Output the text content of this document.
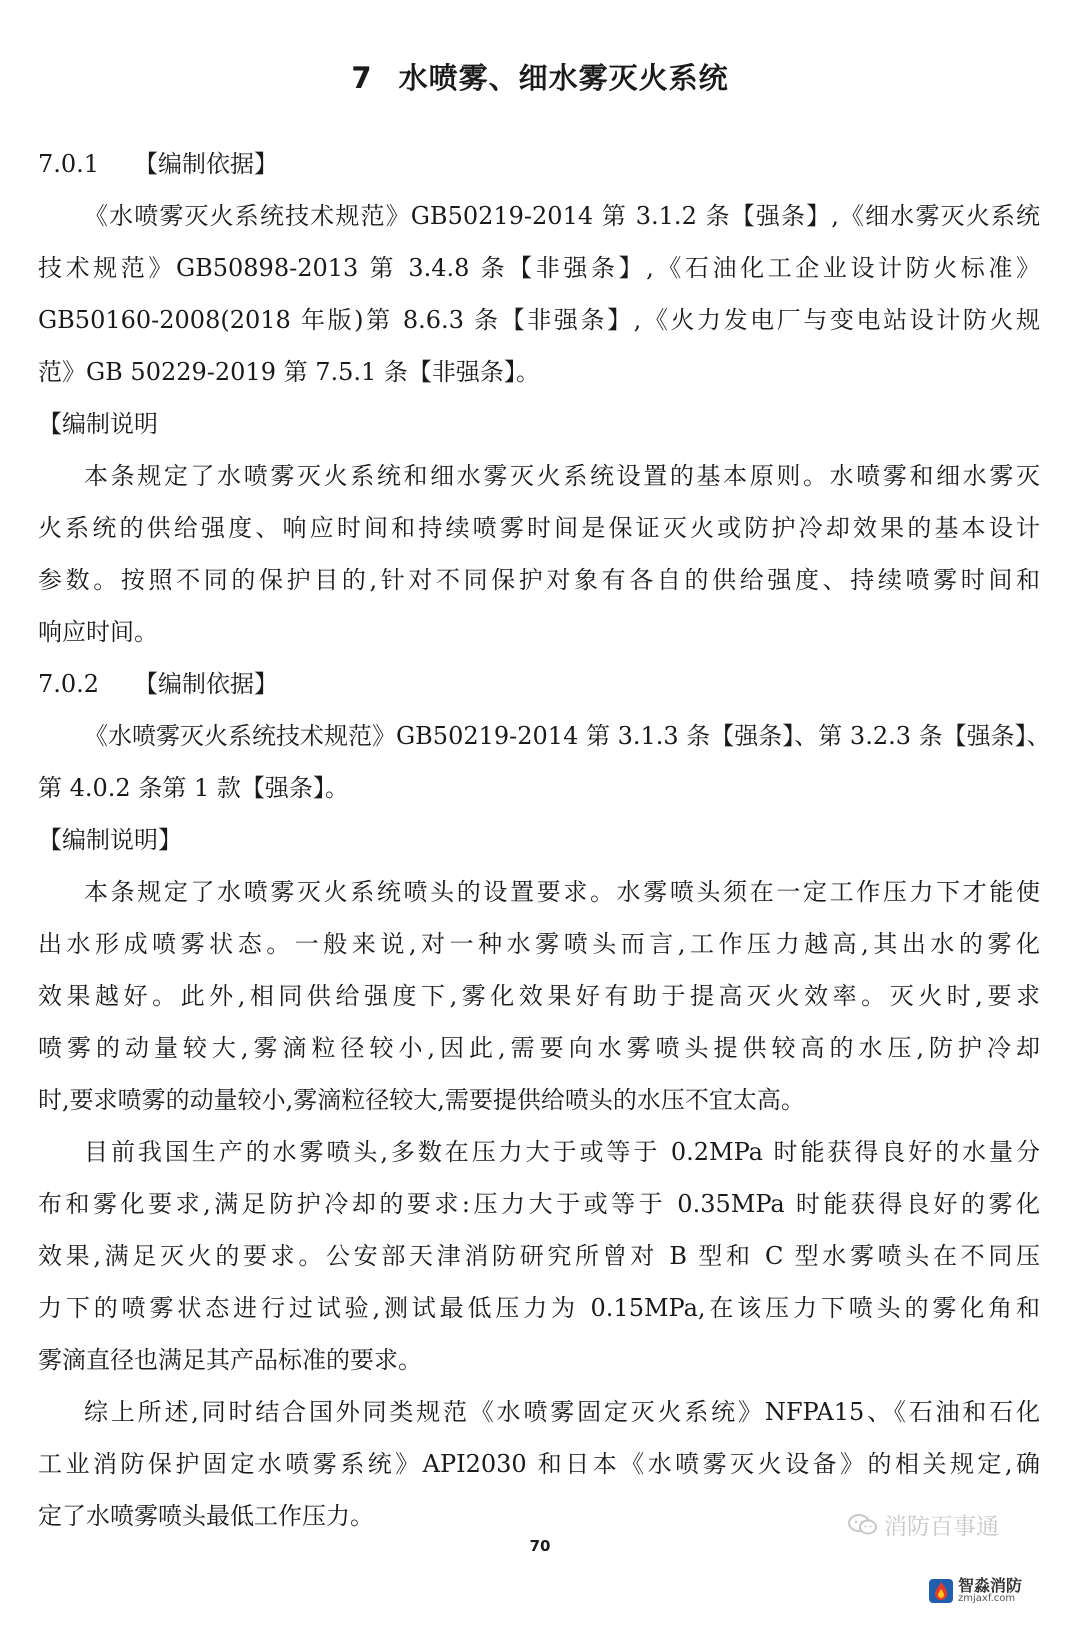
7 水喷雾、细水雾灭火系统
7.0.1 【编制依据】
《水喷雾灭火系统技术规范》GB50219-2014 第 3.1.2 条【强条】,《细水雾灭火系统
技术规范》GB50898-2013 第 3.4.8 条【非强条】,《石油化工企业设计防火标准》
GB50160-2008(2018 年版)第 8.6.3 条【非强条】,《火力发电厂与变电站设计防火规
范》GB 50229-2019 第 7.5.1 条【非强条】。
【编制说明
本条规定了水喷雾灭火系统和细水雾灭火系统设置的基本原则。水喷雾和细水雾灭
火系统的供给强度、响应时间和持续喷雾时间是保证灭火或防护冷却效果的基本设计
参数。按照不同的保护目的,针对不同保护对象有各自的供给强度、持续喷雾时间和
响应时间。
7.0.2 【编制依据】
《水喷雾灭火系统技术规范》GB50219-2014 第 3.1.3 条【强条】、第 3.2.3 条【强条】、
第 4.0.2 条第 1 款【强条】。
【编制说明】
本条规定了水喷雾灭火系统喷头的设置要求。水雾喷头须在一定工作压力下才能使
出水形成喷雾状态。一般来说,对一种水雾喷头而言,工作压力越高,其出水的雾化
效果越好。此外,相同供给强度下,雾化效果好有助于提高灭火效率。灭火时,要求
喷雾的动量较大,雾滴粒径较小,因此,需要向水雾喷头提供较高的水压,防护冷却
时,要求喷雾的动量较小,雾滴粒径较大,需要提供给喷头的水压不宜太高。
目前我国生产的水雾喷头,多数在压力大于或等于 0.2MPa 时能获得良好的水量分
布和雾化要求,满足防护冷却的要求:压力大于或等于 0.35MPa 时能获得良好的雾化
效果,满足灭火的要求。公安部天津消防研究所曾对 B 型和 C 型水雾喷头在不同压
力下的喷雾状态进行过试验,测试最低压力为 0.15MPa,在该压力下喷头的雾化角和
雾滴直径也满足其产品标准的要求。
综上所述,同时结合国外同类规范《水喷雾固定灭火系统》NFPA15、《石油和石化
工业消防保护固定水喷雾系统》API2030 和日本《水喷雾灭火设备》的相关规定,确
定了水喷雾喷头最低工作压力。
70
消防百事通
智淼消防
zmjaxf.com
